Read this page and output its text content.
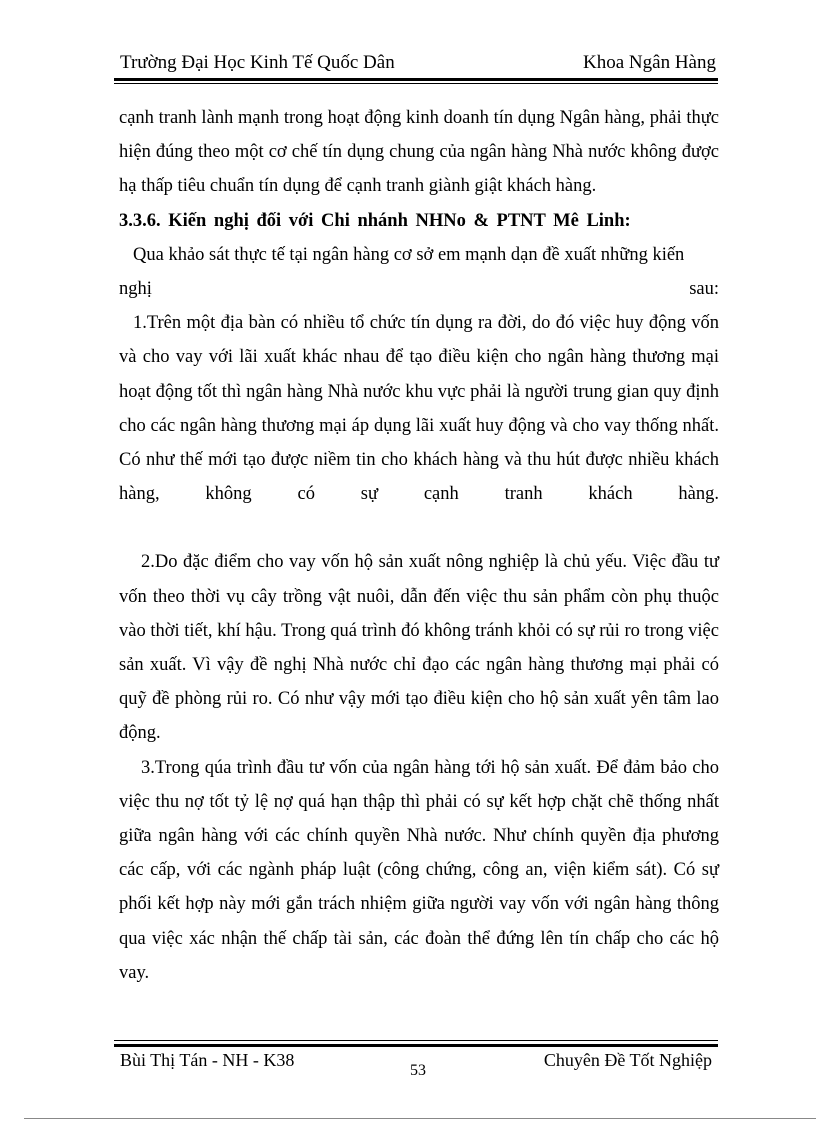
Trường Đại Học Kinh Tế Quốc Dân	Khoa Ngân Hàng

cạnh tranh lành mạnh trong hoạt động kinh doanh tín dụng Ngân hàng, phải thực hiện đúng theo một cơ chế tín dụng chung của ngân hàng Nhà nước không được hạ thấp tiêu chuẩn tín dụng để cạnh tranh giành giật khách hàng.

3.3.6. Kiến nghị đối với Chi nhánh NHNo & PTNT Mê Linh:

Qua khảo sát thực tế tại ngân hàng cơ sở em mạnh dạn đề xuất những kiến

nghị	sau:

1.Trên một địa bàn có nhiều tổ chức tín dụng ra đời, do đó việc huy động vốn và cho vay với lãi xuất khác nhau để tạo điều kiện cho ngân hàng thương mại hoạt động tốt thì ngân hàng Nhà nước khu vực phải là người trung gian quy định cho các ngân hàng thương mại áp dụng lãi xuất huy động và cho vay thống nhất. Có như thế mới tạo được niềm tin cho khách hàng và thu hút được nhiều khách hàng, không có sự cạnh tranh khách hàng.

2.Do đặc điểm cho vay vốn hộ sản xuất nông nghiệp là chủ yếu. Việc đầu tư vốn theo thời vụ cây trồng vật nuôi, dẫn đến việc thu sản phẩm còn phụ thuộc vào thời tiết, khí hậu. Trong quá trình đó không tránh khỏi có sự rủi ro trong việc sản xuất. Vì vậy đề nghị Nhà nước chỉ đạo các ngân hàng thương mại phải có quỹ đề phòng rủi ro. Có như vậy mới tạo điều kiện cho hộ sản xuất yên tâm lao động.

3.Trong qúa trình đầu tư vốn của ngân hàng tới hộ sản xuất. Để đảm bảo cho việc thu nợ tốt tỷ lệ nợ quá hạn thập thì phải có sự kết hợp chặt chẽ thống nhất giữa ngân hàng với các chính quyền Nhà nước. Như chính quyền địa phương các cấp, với các ngành pháp luật (công chứng, công an, viện kiểm sát). Có sự phối kết hợp này mới gắn trách nhiệm giữa người vay vốn với ngân hàng thông qua việc xác nhận thế chấp tài sản, các đoàn thể đứng lên tín chấp cho các hộ vay.

Bùi Thị Tán - NH - K38
53
Chuyên Đề Tốt Nghiệp
